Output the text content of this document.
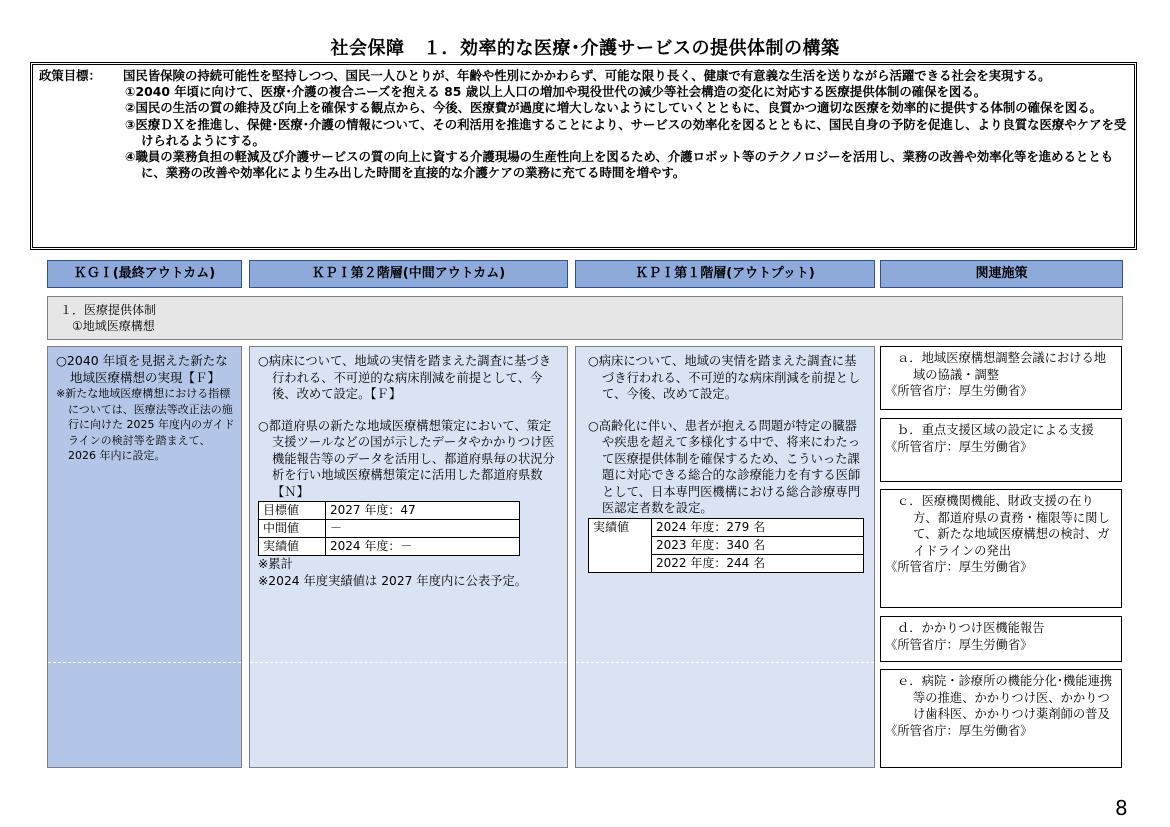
社会保障　１．効率的な医療･介護サービスの提供体制の構築
政策目標：	国民皆保険の持続可能性を堅持しつつ、国民一人ひとりが、年齢や性別にかかわらず、可能な限り長く、健康で有意義な生活を送りながら活躍できる社会を実現する。
①2040 年頃に向けて、医療･介護の複合ニーズを抱える 85 歳以上人口の増加や現役世代の減少等社会構造の変化に対応する医療提供体制の確保を図る。
②国民の生活の質の維持及び向上を確保する観点から、今後、医療費が過度に増大しないようにしていくとともに、良質かつ適切な医療を効率的に提供する体制の確保を図る。
③医療ＤＸを推進し、保健･医療･介護の情報について、その利活用を推進することにより、サービスの効率化を図るとともに、国民自身の予防を促進し、より良質な医療やケアを受けられるようにする。
④職員の業務負担の軽減及び介護サービスの質の向上に資する介護現場の生産性向上を図るため、介護ロボット等のテクノロジーを活用し、業務の改善や効率化等を進めるとともに、業務の改善や効率化により生み出した時間を直接的な介護ケアの業務に充てる時間を増やす。
ＫＧＩ(最終アウトカム)	ＫＰＩ第２階層(中間アウトカム)	ＫＰＩ第１階層(アウトプット)	関連施策
１．医療提供体制
①地域医療構想

○2040 年頃を見据えた新たな地域医療構想の実現【Ｆ】

※新たな地域医療構想における指標については、医療法等改正法の施行に向けた 2025 年度内のガイドラインの検討等を踏まえて、2026 年内に設定。

○病床について、地域の実情を踏まえた調査に基づき行われる、不可逆的な病床削減を前提として、今後、改めて設定。【Ｆ】

○都道府県の新たな地域医療構想策定において、策定支援ツールなどの国が示したデータやかかりつけ医機能報告等のデータを活用し、都道府県毎の状況分析を行い地域医療構想策定に活用した都道府県数【Ｎ】

目標値	2027 年度：47
中間値	－
実績値	2024 年度：－
※累計
※2024 年度実績値は 2027 年度内に公表予定。

○病床について、地域の実情を踏まえた調査に基づき行われる、不可逆的な病床削減を前提として、今後、改めて設定。

○高齢化に伴い、患者が抱える問題が特定の臓器や疾患を超えて多様化する中で、将来にわたって医療提供体制を確保するため、こういった課題に対応できる総合的な診療能力を有する医師として、日本専門医機構における総合診療専門医認定者数を設定。

実績値	2024 年度：279 名
2023 年度：340 名
2022 年度：244 名

ａ．地域医療構想調整会議における地域の協議・調整

《所管省庁：厚生労働省》

ｂ．重点支援区域の設定による支援

《所管省庁：厚生労働省》

ｃ．医療機関機能、財政支援の在り方、都道府県の責務・権限等に関して、新たな地域医療構想の検討、ガイドラインの発出

《所管省庁：厚生労働省》

ｄ．かかりつけ医機能報告

《所管省庁：厚生労働省》

ｅ．病院・診療所の機能分化･機能連携等の推進、かかりつけ医、かかりつけ歯科医、かかりつけ薬剤師の普及

《所管省庁：厚生労働省》

8
